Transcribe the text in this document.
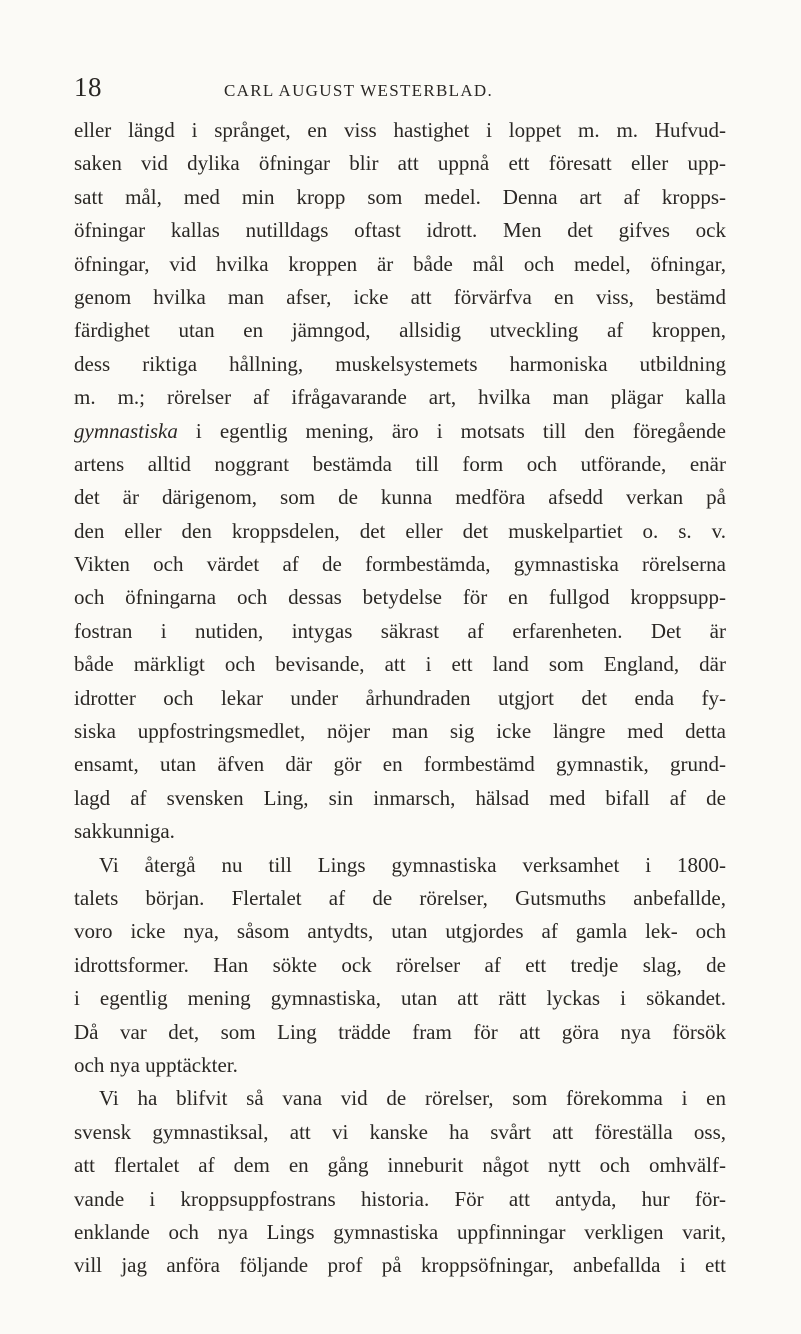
18	CARL AUGUST WESTERBLAD.
eller längd i språnget, en viss hastighet i loppet m. m. Hufvud-
saken vid dylika öfningar blir att uppnå ett föresatt eller upp-
satt mål, med min kropp som medel. Denna art af kropps-
öfningar kallas nutilldags oftast idrott. Men det gifves ock
öfningar, vid hvilka kroppen är både mål och medel, öfningar,
genom hvilka man afser, icke att förvärfva en viss, bestämd
färdighet utan en jämngod, allsidig utveckling af kroppen,
dess riktiga hållning, muskelsystemets harmoniska utbildning
m. m.; rörelser af ifrågavarande art, hvilka man plägar kalla
gymnastiska i egentlig mening, äro i motsats till den föregående
artens alltid noggrant bestämda till form och utförande, enär
det är därigenom, som de kunna medföra afsedd verkan på
den eller den kroppsdelen, det eller det muskelpartiet o. s. v.
Vikten och värdet af de formbestämda, gymnastiska rörelserna
och öfningarna och dessas betydelse för en fullgod kroppsupp-
fostran i nutiden, intygas säkrast af erfarenheten. Det är
både märkligt och bevisande, att i ett land som England, där
idrotter och lekar under århundraden utgjort det enda fy-
siska uppfostringsmedlet, nöjer man sig icke längre med detta
ensamt, utan äfven där gör en formbestämd gymnastik, grund-
lagd af svensken Ling, sin inmarsch, hälsad med bifall af de
sakkunniga.
Vi återgå nu till Lings gymnastiska verksamhet i 1800-
talets början. Flertalet af de rörelser, Gutsmuths anbefallde,
voro icke nya, såsom antydts, utan utgjordes af gamla lek- och
idrottsformer. Han sökte ock rörelser af ett tredje slag, de
i egentlig mening gymnastiska, utan att rätt lyckas i sökandet.
Då var det, som Ling trädde fram för att göra nya försök
och nya upptäckter.
Vi ha blifvit så vana vid de rörelser, som förekomma i en
svensk gymnastiksal, att vi kanske ha svårt att föreställa oss,
att flertalet af dem en gång inneburit något nytt och omhvälf-
vande i kroppsuppfostrans historia. För att antyda, hur för-
enklande och nya Lings gymnastiska uppfinningar verkligen varit,
vill jag anföra följande prof på kroppsöfningar, anbefallda i ett
